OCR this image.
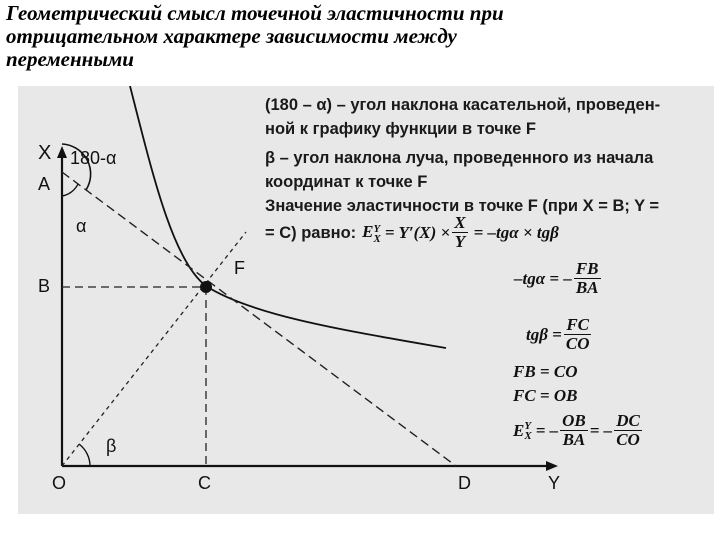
Геометрический смысл точечной эластичности при
отрицательном характере зависимости между
переменными
X 180-α
A
α
F
B
β
O	C	D	Y
(180 – α) – угол наклона касательной, проведен-
ной к графику функции в точке F
β – угол наклона луча, проведенного из начала
координат к точке F
Значение эластичности в точке F (при X = B; Y =
= C) равно: E Y
$X = Y'(X) \times \frac{X}{Y} = -tg\alpha \times tg\beta$
–tgα = – $\frac{FB}{BA}$
$tg\beta = \frac{FC}{CO}$
FB = CO
FC = OB
E Y
X = – $\frac{OB}{BA}$ = – $\frac{DC}{CO}$
